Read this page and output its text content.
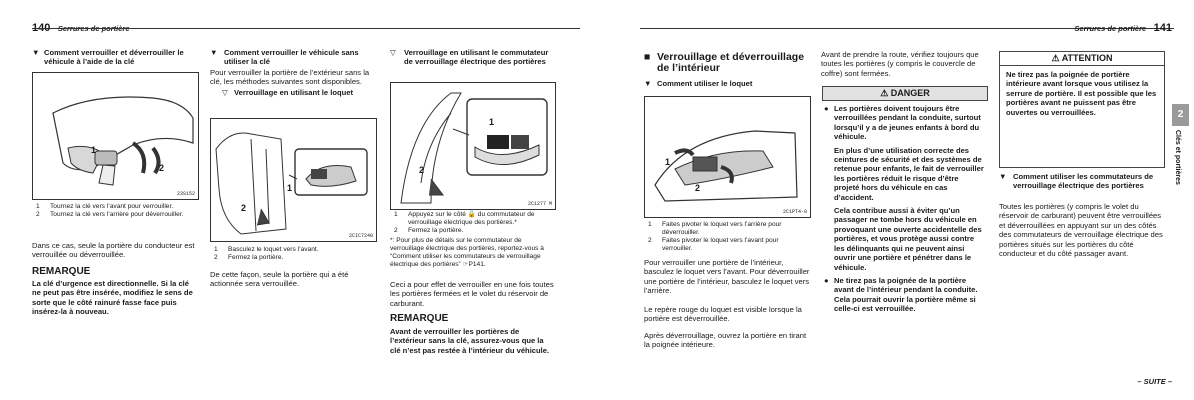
140 Serrures de portière
▼ Comment verrouiller et déverrouiller le véhicule à l’aide de la clé
1
2
23S152
1	Tournez la clé vers l’avant pour verrouiller.
2	Tournez la clé vers l’arrière pour déverrouiller.
Dans ce cas, seule la portière du conducteur est verrouillée ou déverrouillée.
REMARQUE
La clé d’urgence est directionnelle. Si la clé ne peut pas être insérée, modifiez le sens de sorte que le côté rainuré fasse face puis insérez-la à nouveau.
▼ Comment verrouiller le véhicule sans utiliser la clé
Pour verrouiller la portière de l’extérieur sans la clé, les méthodes suivantes sont disponibles.
▽ Verrouillage en utilisant le loquet
1
2
2CIC7240
1	Basculez le loquet vers l’avant.
2	Fermez la portière.
De cette façon, seule la portière qui a été actionnée sera verrouillée.
▽	Verrouillage en utilisant le commutateur de verrouillage électrique des portières
1
2
2C1277 M
1	Appuyez sur le côté 🔒 du commutateur de verrouillage électrique des portières.*
2	Fermez la portière.
*: Pour plus de détails sur le commutateur de verrouillage électrique des portières, reportez-vous à “Comment utiliser les commutateurs de verrouillage électrique des portières” ☞P141.
Ceci a pour effet de verrouiller en une fois toutes les portières fermées et le volet du réservoir de carburant.
REMARQUE
Avant de verrouiller les portières de l’extérieur sans la clé, assurez-vous que la clé n’est pas restée à l’intérieur du véhicule.
Serrures de portière 141
2
Clés et portières
■ Verrouillage et déverrouillage de l’intérieur
▼ Comment utiliser le loquet
1
2
2C1PT4-0
1	Faites pivoter le loquet vers l’arrière pour déverrouiller.
2	Faites pivoter le loquet vers l’avant pour verrouiller.
Pour verrouiller une portière de l’intérieur, basculez le loquet vers l’avant. Pour déverrouiller une portière de l’intérieur, basculez le loquet vers l’arrière.
Le repère rouge du loquet est visible lorsque la portière est déverrouillée.
Après déverrouillage, ouvrez la portière en tirant la poignée intérieure.
Avant de prendre la route, vérifiez toujours que toutes les portières (y compris le couvercle de coffre) sont fermées.
⚠ DANGER
● Les portières doivent toujours être verrouillées pendant la conduite, surtout lorsqu’il y a de jeunes enfants à bord du véhicule.
En plus d’une utilisation correcte des ceintures de sécurité et des systèmes de retenue pour enfants, le fait de verrouiller les portières réduit le risque d’être projeté hors du véhicule en cas d’accident.
Cela contribue aussi à éviter qu’un passager ne tombe hors du véhicule en provoquant une ouverte accidentelle des portières, et vous protège aussi contre les délinquants qui ne peuvent ainsi ouvrir une portière et pénétrer dans le véhicule.
● Ne tirez pas la poignée de la portière avant de l’intérieur pendant la conduite. Cela pourrait ouvrir la portière même si celle-ci est verrouillée.
⚠ ATTENTION
Ne tirez pas la poignée de portière intérieure avant lorsque vous utilisez la serrure de portière. Il est possible que les portières avant ne puissent pas être ouvertes ou verrouillées.
▼ Comment utiliser les commutateurs de verrouillage électrique des portières
Toutes les portières (y compris le volet du réservoir de carburant) peuvent être verrouillées et déverrouillées en appuyant sur un des côtés des commutateurs de verrouillage électrique des portières situés sur les portières du côté conducteur et du côté passager avant.
– SUITE –
